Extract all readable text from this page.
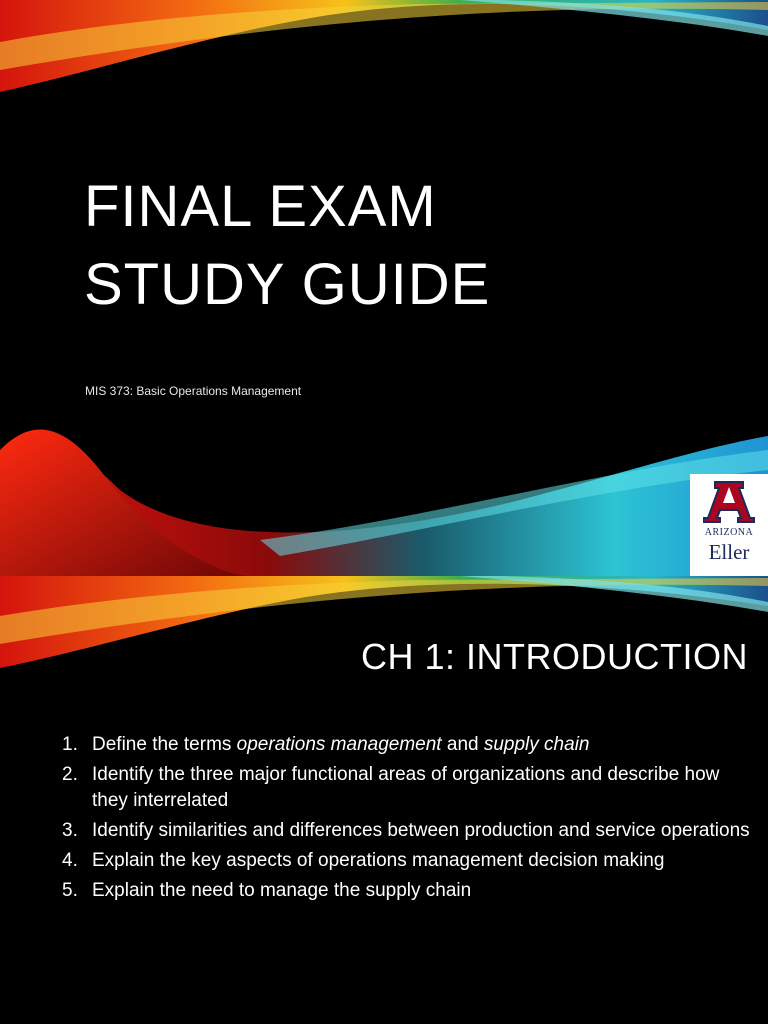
FINAL EXAM
STUDY GUIDE

MIS 373: Basic Operations Management

ARIZONA
Eller
CH 1: INTRODUCTION
1. Define the terms operations management and supply chain
2. Identify the three major functional areas of organizations and describe how they interrelated
3. Identify similarities and differences between production and service operations
4. Explain the key aspects of operations management decision making
5. Explain the need to manage the supply chain
